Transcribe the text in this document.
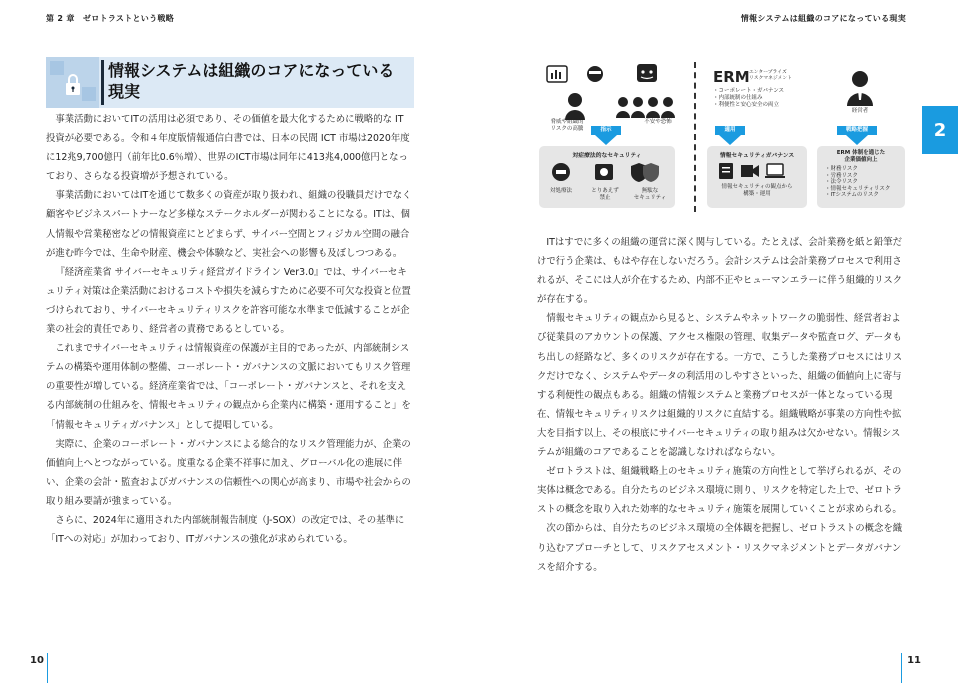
第 2 章　ゼロトラストという戦略	情報システムは組織のコアになっている現実
情報システムは組織のコアになっている
現実

事業活動においてITの活用は必須であり、その価値を最大化するために戦略的な IT 投資が必要である。令和４年度版情報通信白書では、日本の民間 ICT 市場は2020年度に12兆9,700億円（前年比0.6％増）、世界のICT市場は同年に413兆4,000億円となっており、さらなる投資増が予想されている。

事業活動においてはITを通じて数多くの資産が取り扱われ、組織の役職員だけでなく顧客やビジネスパートナーなど多様なステークホルダーが関わることになる。ITは、個人情報や営業秘密などの情報資産にとどまらず、サイバー空間とフィジカル空間の融合が進む昨今では、生命や財産、機会や体験など、実社会への影響も及ぼしつつある。

『経済産業省 サイバーセキュリティ経営ガイドライン Ver3.0』では、サイバーセキュリティ対策は企業活動におけるコストや損失を減らすために必要不可欠な投資と位置づけられており、サイバーセキュリティリスクを許容可能な水準まで低減することが企業の社会的責任であり、経営者の責務であるとしている。

これまでサイバーセキュリティは情報資産の保護が主目的であったが、内部統制システムの構築や運用体制の整備、コーポレート・ガバナンスの文脈においてもリスク管理の重要性が増している。経済産業省では、「コーポレート・ガバナンスと、それを支える内部統制の仕組みを、情報セキュリティの観点から企業内に構築・運用すること」を「情報セキュリティガバナンス」として提唱している。

実際に、企業のコーポレート・ガバナンスによる総合的なリスク管理能力が、企業の価値向上へとつながっている。度重なる企業不祥事に加え、グローバル化の進展に伴い、企業の会計・監査およびガバナンスの信頼性への関心が高まり、市場や社会からの取り組み要請が強まっている。

さらに、2024年に適用された内部統制報告制度（J-SOX）の改定では、その基準に「ITへの対応」が加わっており、ITガバナンスの強化が求められている。

脅威や組織的
リスクの高騰
不安や恐怖
指示
対症療法的なセキュリティ
対処療法	とりあえず
禁止
無駄な
セキュリティ
ERM エンタープライズ
リスクマネジメント
・コーポレート・ガバナンス
・内部統制の仕組み
・利便性と安心安全の両立
経営者
適用	戦略把握
情報セキュリティガバナンス
情報セキュリティの観点から
構築・運用
ERM 体制を通じた
企業価値向上
・財務リスク
・労務リスク
・法令リスク
・情報セキュリティリスク
・ITシステムのリスク

ITはすでに多くの組織の運営に深く関与している。たとえば、会計業務を紙と鉛筆だけで行う企業は、もはや存在しないだろう。会計システムは会計業務プロセスで利用されるが、そこには人が介在するため、内部不正やヒューマンエラーに伴う組織的リスクが存在する。

情報セキュリティの観点から見ると、システムやネットワークの脆弱性、経営者および従業員のアカウントの保護、アクセス権限の管理、収集データや監査ログ、データもち出しの経路など、多くのリスクが存在する。一方で、こうした業務プロセスにはリスクだけでなく、システムやデータの利活用のしやすさといった、組織の価値向上に寄与する利便性の観点もある。組織の情報システムと業務プロセスが一体となっている現在、情報セキュリティリスクは組織的リスクに直結する。組織戦略が事業の方向性や拡大を目指す以上、その根底にサイバーセキュリティの取り組みは欠かせない。情報システムが組織のコアであることを認識しなければならない。

ゼロトラストは、組織戦略上のセキュリティ施策の方向性として挙げられるが、その実体は概念である。自分たちのビジネス環境に則り、リスクを特定した上で、ゼロトラストの概念を取り入れた効率的なセキュリティ施策を展開していくことが求められる。

次の節からは、自分たちのビジネス環境の全体観を把握し、ゼロトラストの概念を織り込むアプローチとして、リスクアセスメント・リスクマネジメントとデータガバナンスを紹介する。

2
10	11
